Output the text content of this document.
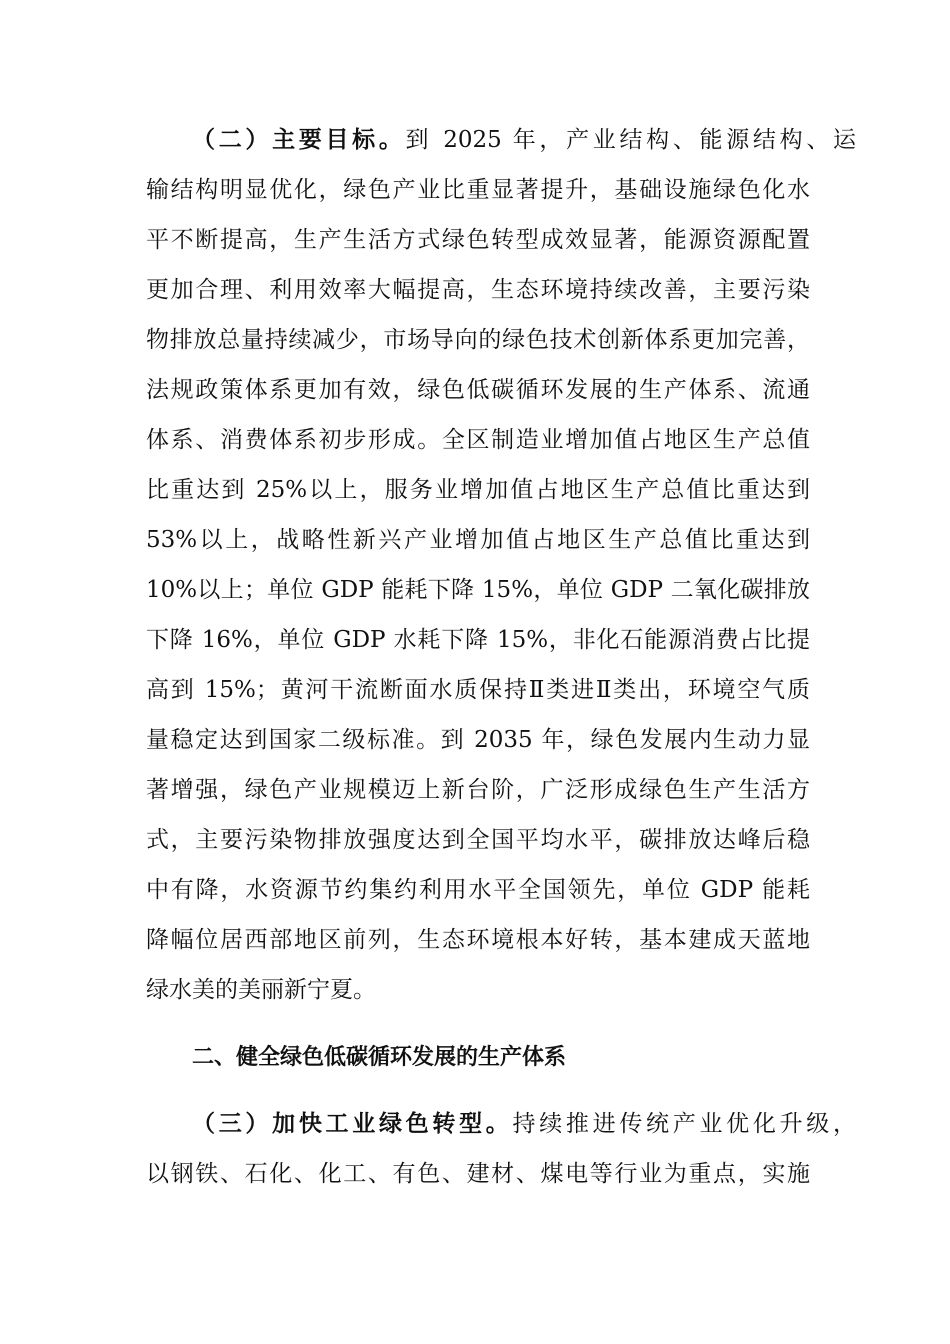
（二）主要目标。到 2025 年，产业结构、能源结构、运
输结构明显优化，绿色产业比重显著提升，基础设施绿色化水
平不断提高，生产生活方式绿色转型成效显著，能源资源配置
更加合理、利用效率大幅提高，生态环境持续改善，主要污染
物排放总量持续减少，市场导向的绿色技术创新体系更加完善，
法规政策体系更加有效，绿色低碳循环发展的生产体系、流通
体系、消费体系初步形成。全区制造业增加值占地区生产总值
比重达到 25%以上，服务业增加值占地区生产总值比重达到
53%以上，战略性新兴产业增加值占地区生产总值比重达到
10%以上；单位 GDP 能耗下降 15%，单位 GDP 二氧化碳排放
下降 16%，单位 GDP 水耗下降 15%，非化石能源消费占比提
高到 15%；黄河干流断面水质保持Ⅱ类进Ⅱ类出，环境空气质
量稳定达到国家二级标准。到 2035 年，绿色发展内生动力显
著增强，绿色产业规模迈上新台阶，广泛形成绿色生产生活方
式，主要污染物排放强度达到全国平均水平，碳排放达峰后稳
中有降，水资源节约集约利用水平全国领先，单位 GDP 能耗
降幅位居西部地区前列，生态环境根本好转，基本建成天蓝地
绿水美的美丽新宁夏。
二、健全绿色低碳循环发展的生产体系
（三）加快工业绿色转型。持续推进传统产业优化升级，
以钢铁、石化、化工、有色、建材、煤电等行业为重点，实施
